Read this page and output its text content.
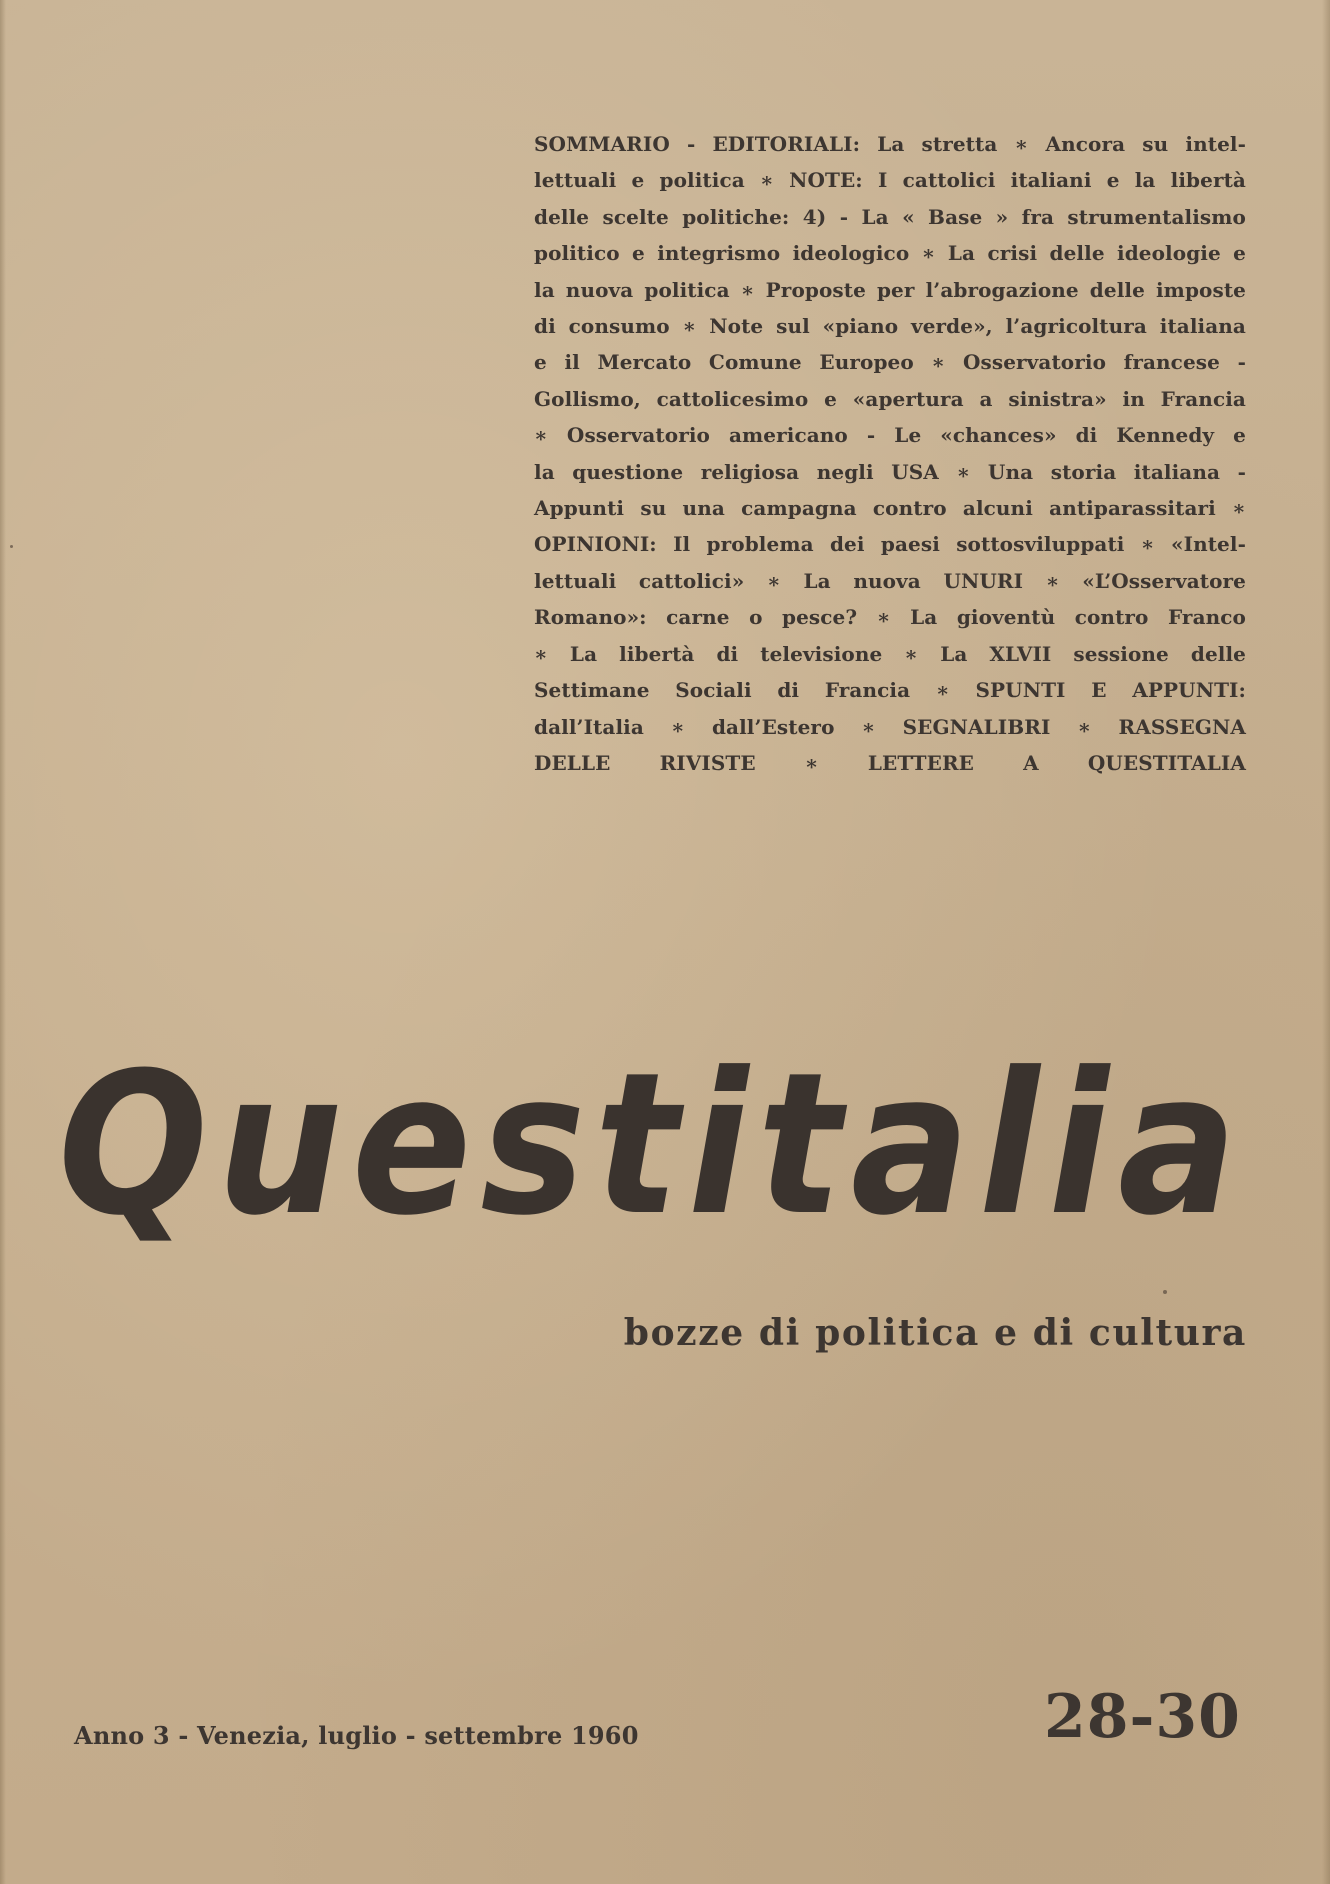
SOMMARIO - EDITORIALI: La stretta ∗ Ancora su intel-
lettuali e politica ∗ NOTE: I cattolici italiani e la libertà
delle scelte politiche: 4) - La « Base » fra strumentalismo
politico e integrismo ideologico ∗ La crisi delle ideologie e
la nuova politica ∗ Proposte per l’abrogazione delle imposte
di consumo ∗ Note sul «piano verde», l’agricoltura italiana
e il Mercato Comune Europeo ∗ Osservatorio francese -
Gollismo, cattolicesimo e «apertura a sinistra» in Francia
∗ Osservatorio americano - Le «chances» di Kennedy e
la questione religiosa negli USA ∗ Una storia italiana -
Appunti su una campagna contro alcuni antiparassitari ∗
OPINIONI: Il problema dei paesi sottosviluppati ∗ «Intel-
lettuali cattolici» ∗ La nuova UNURI ∗ «L’Osservatore
Romano»: carne o pesce? ∗ La gioventù contro Franco
∗ La libertà di televisione ∗ La XLVII sessione delle
Settimane Sociali di Francia ∗ SPUNTI E APPUNTI:
dall’Italia ∗ dall’Estero ∗ SEGNALIBRI ∗ RASSEGNA
DELLE RIVISTE ∗ LETTERE A QUESTITALIA
Questitalia
bozze di politica e di cultura
Anno 3 - Venezia, luglio - settembre 1960	28-30
